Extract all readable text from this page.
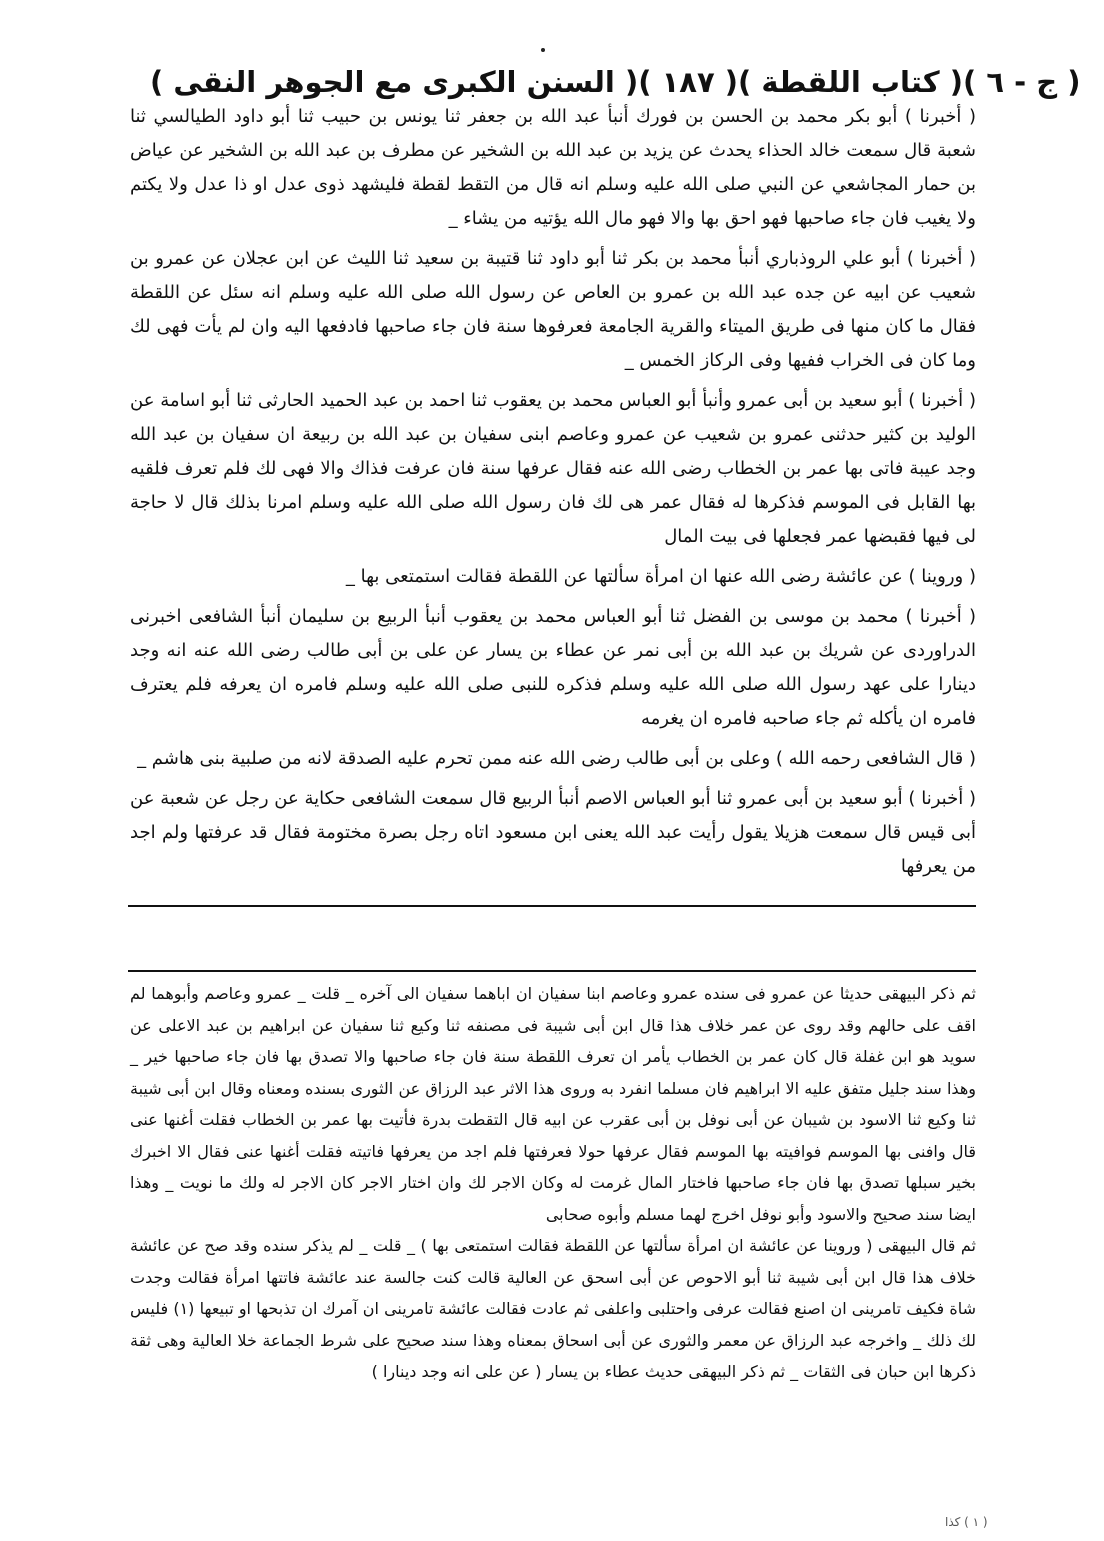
( السنن الكبرى مع الجوهر النقى ) ( ١٨٧ ) ( كتاب اللقطة ) ( ج - ٦ )

( أخبرنا ) أبو بكر محمد بن الحسن بن فورك أنبأ عبد الله بن جعفر ثنا يونس بن حبيب ثنا أبو داود الطيالسي ثنا شعبة قال سمعت خالد الحذاء يحدث عن يزيد بن عبد الله بن الشخير عن مطرف بن عبد الله بن الشخير عن عياض بن حمار المجاشعي عن النبي صلى الله عليه وسلم انه قال من التقط لقطة فليشهد ذوى عدل او ذا عدل ولا يكتم ولا يغيب فان جاء صاحبها فهو احق بها والا فهو مال الله يؤتيه من يشاء _

( أخبرنا ) أبو علي الروذباري أنبأ محمد بن بكر ثنا أبو داود ثنا قتيبة بن سعيد ثنا الليث عن ابن عجلان عن عمرو بن شعيب عن ابيه عن جده عبد الله بن عمرو بن العاص عن رسول الله صلى الله عليه وسلم انه سئل عن اللقطة فقال ما كان منها فى طريق الميتاء والقرية الجامعة فعرفوها سنة فان جاء صاحبها فادفعها اليه وان لم يأت فهى لك وما كان فى الخراب ففيها وفى الركاز الخمس _

( أخبرنا ) أبو سعيد بن أبى عمرو وأنبأ أبو العباس محمد بن يعقوب ثنا احمد بن عبد الحميد الحارثى ثنا أبو اسامة عن الوليد بن كثير حدثنى عمرو بن شعيب عن عمرو وعاصم ابنى سفيان بن عبد الله بن ربيعة ان سفيان بن عبد الله وجد عيبة فاتى بها عمر بن الخطاب رضى الله عنه فقال عرفها سنة فان عرفت فذاك والا فهى لك فلم تعرف فلقيه بها القابل فى الموسم فذكرها له فقال عمر هى لك فان رسول الله صلى الله عليه وسلم امرنا بذلك قال لا حاجة لى فيها فقبضها عمر فجعلها فى بيت المال

( وروينا ) عن عائشة رضى الله عنها ان امرأة سألتها عن اللقطة فقالت استمتعى بها _

( أخبرنا ) محمد بن موسى بن الفضل ثنا أبو العباس محمد بن يعقوب أنبأ الربيع بن سليمان أنبأ الشافعى اخبرنى الدراوردى عن شريك بن عبد الله بن أبى نمر عن عطاء بن يسار عن على بن أبى طالب رضى الله عنه انه وجد دينارا على عهد رسول الله صلى الله عليه وسلم فذكره للنبى صلى الله عليه وسلم فامره ان يعرفه فلم يعترف فامره ان يأكله ثم جاء صاحبه فامره ان يغرمه

( قال الشافعى رحمه الله ) وعلى بن أبى طالب رضى الله عنه ممن تحرم عليه الصدقة لانه من صلبية بنى هاشم _

( أخبرنا ) أبو سعيد بن أبى عمرو ثنا أبو العباس الاصم أنبأ الربيع قال سمعت الشافعى حكاية عن رجل عن شعبة عن أبى قيس قال سمعت هزيلا يقول رأيت عبد الله يعنى ابن مسعود اتاه رجل بصرة مختومة فقال قد عرفتها ولم اجد من يعرفها

ثم ذكر البيهقى حديثا عن عمرو فى سنده عمرو وعاصم ابنا سفيان ان اباهما سفيان الى آخره _ قلت _ عمرو وعاصم وأبوهما لم اقف على حالهم وقد روى عن عمر خلاف هذا قال ابن أبى شيبة فى مصنفه ثنا وكيع ثنا سفيان عن ابراهيم بن عبد الاعلى عن سويد هو ابن غفلة قال كان عمر بن الخطاب يأمر ان تعرف اللقطة سنة فان جاء صاحبها والا تصدق بها فان جاء صاحبها خير _ وهذا سند جليل متفق عليه الا ابراهيم فان مسلما انفرد به وروى هذا الاثر عبد الرزاق عن الثورى بسنده ومعناه وقال ابن أبى شيبة ثنا وكيع ثنا الاسود بن شيبان عن أبى نوفل بن أبى عقرب عن ابيه قال التقطت بدرة فأتيت بها عمر بن الخطاب فقلت أغنها عنى قال وافنى بها الموسم فوافيته بها الموسم فقال عرفها حولا فعرفتها فلم اجد من يعرفها فاتيته فقلت أغنها عنى فقال الا اخبرك بخير سبلها تصدق بها فان جاء صاحبها فاختار المال غرمت له وكان الاجر لك وان اختار الاجر كان الاجر له ولك ما نويت _ وهذا ايضا سند صحيح والاسود وأبو نوفل اخرج لهما مسلم وأبوه صحابى

ثم قال البيهقى ( وروينا عن عائشة ان امرأة سألتها عن اللقطة فقالت استمتعى بها ) _ قلت _ لم يذكر سنده وقد صح عن عائشة خلاف هذا قال ابن أبى شيبة ثنا أبو الاحوص عن أبى اسحق عن العالية قالت كنت جالسة عند عائشة فاتتها امرأة فقالت وجدت شاة فكيف تامرينى ان اصنع فقالت عرفى واحتلبى واعلفى ثم عادت فقالت عائشة تامرينى ان آمرك ان تذبحها او تبيعها (١) فليس لك ذلك _ واخرجه عبد الرزاق عن معمر والثورى عن أبى اسحاق بمعناه وهذا سند صحيح على شرط الجماعة خلا العالية وهى ثقة ذكرها ابن حبان فى الثقات _ ثم ذكر البيهقى حديث عطاء بن يسار ( عن على انه وجد دينارا )

( ١ ) كذا
